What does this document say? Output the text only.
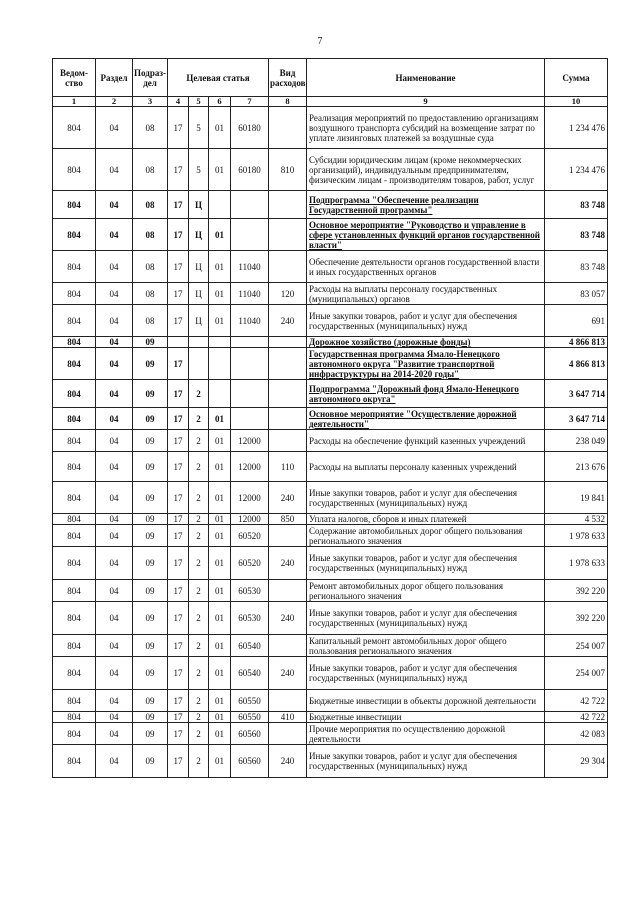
7
Ведом-ство	Раздел	Подраз-дел	Целевая статья				Вид расходов	Наименование	Сумма
1	2	3	4	5	6	7	8	9	10
804	04	08	17	5	01	60180		Реализация мероприятий по предоставлению организациям воздушного транспорта субсидий на возмещение затрат по уплате лизинговых платежей за воздушные суда	1 234 476
804	04	08	17	5	01	60180	810	Субсидии юридическим лицам (кроме некоммерческих организаций), индивидуальным предпринимателям, физическим лицам - производителям товаров, работ, услуг	1 234 476
804	04	08	17	Ц				Подпрограмма "Обеспечение реализации Государственной программы"	83 748
804	04	08	17	Ц	01			Основное мероприятие "Руководство и управление в сфере установленных функций органов государственной власти"	83 748
804	04	08	17	Ц	01	11040		Обеспечение деятельности органов государственной власти и иных государственных органов	83 748
804	04	08	17	Ц	01	11040	120	Расходы на выплаты персоналу государственных (муниципальных) органов	83 057
804	04	08	17	Ц	01	11040	240	Иные закупки товаров, работ и услуг для обеспечения государственных (муниципальных) нужд	691
804	04	09						Дорожное хозяйство (дорожные фонды)	4 866 813
804	04	09	17					Государственная программа Ямало-Ненецкого автономного округа "Развитие транспортной инфраструктуры на 2014-2020 годы"	4 866 813
804	04	09	17	2				Подпрограмма "Дорожный фонд Ямало-Ненецкого автономного округа"	3 647 714
804	04	09	17	2	01			Основное мероприятие "Осуществление дорожной деятельности"	3 647 714
804	04	09	17	2	01	12000		Расходы на обеспечение функций казенных учреждений	238 049
804	04	09	17	2	01	12000	110	Расходы на выплаты персоналу казенных учреждений	213 676
804	04	09	17	2	01	12000	240	Иные закупки товаров, работ и услуг для обеспечения государственных (муниципальных) нужд	19 841
804	04	09	17	2	01	12000	850	Уплата налогов, сборов и иных платежей	4 532
804	04	09	17	2	01	60520		Содержание автомобильных дорог общего пользования регионального значения	1 978 633
804	04	09	17	2	01	60520	240	Иные закупки товаров, работ и услуг для обеспечения государственных (муниципальных) нужд	1 978 633
804	04	09	17	2	01	60530		Ремонт автомобильных дорог общего пользования регионального значения	392 220
804	04	09	17	2	01	60530	240	Иные закупки товаров, работ и услуг для обеспечения государственных (муниципальных) нужд	392 220
804	04	09	17	2	01	60540		Капитальный ремонт автомобильных дорог общего пользования регионального значения	254 007
804	04	09	17	2	01	60540	240	Иные закупки товаров, работ и услуг для обеспечения государственных (муниципальных) нужд	254 007
804	04	09	17	2	01	60550		Бюджетные инвестиции в объекты дорожной деятельности	42 722
804	04	09	17	2	01	60550	410	Бюджетные инвестиции	42 722
804	04	09	17	2	01	60560		Прочие мероприятия по осуществлению дорожной деятельности	42 083
804	04	09	17	2	01	60560	240	Иные закупки товаров, работ и услуг для обеспечения государственных (муниципальных) нужд	29 304
